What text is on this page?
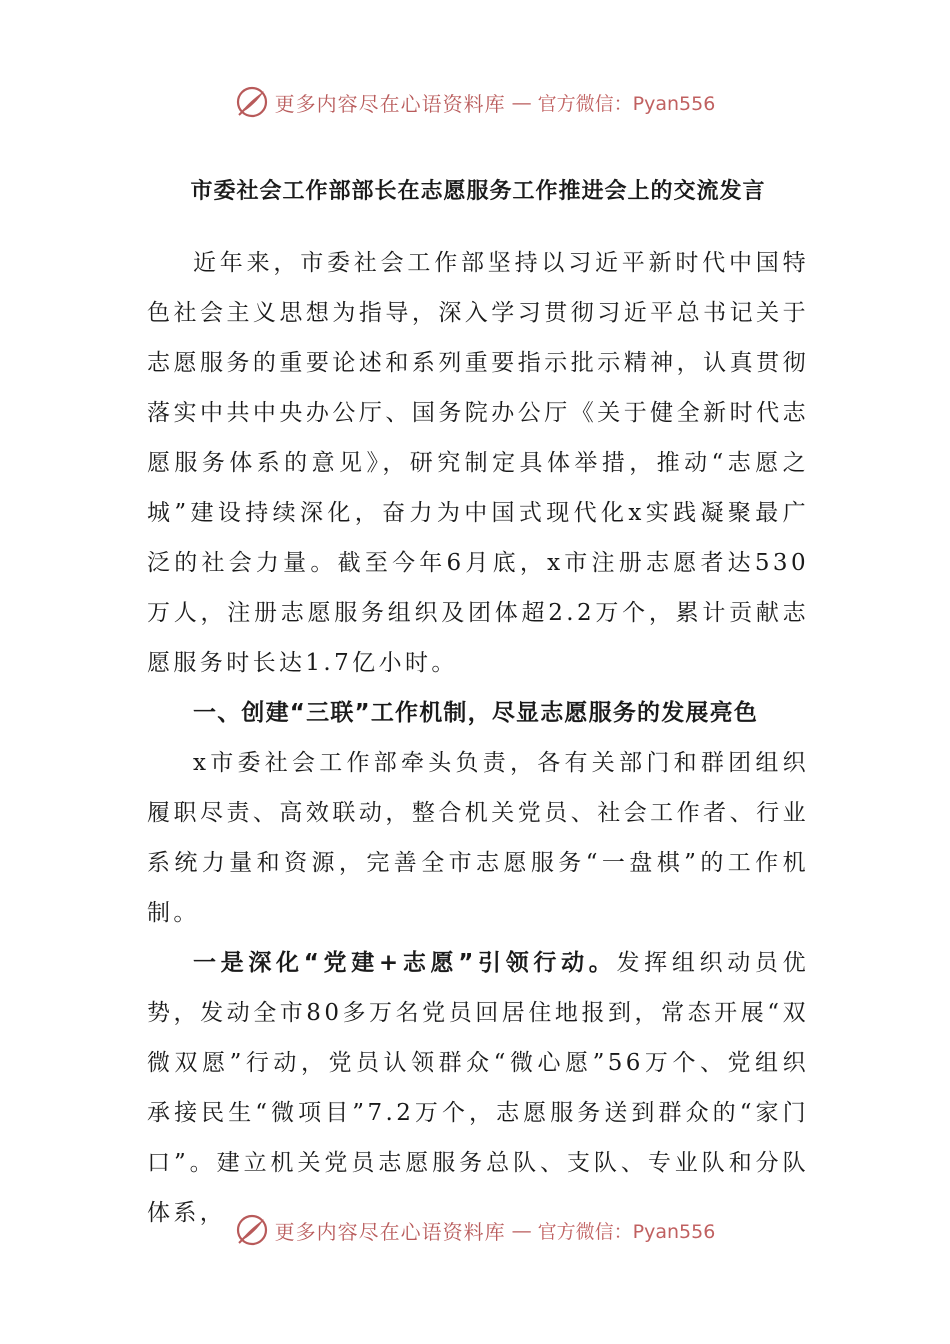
更多内容尽在心语资料库 — 官方微信：Pyan556
市委社会工作部部长在志愿服务工作推进会上的交流发言

近年来，市委社会工作部坚持以习近平新时代中国特色社会主义思想为指导，深入学习贯彻习近平总书记关于志愿服务的重要论述和系列重要指示批示精神，认真贯彻落实中共中央办公厅、国务院办公厅《关于健全新时代志愿服务体系的意见》，研究制定具体举措，推动“志愿之城”建设持续深化，奋力为中国式现代化x实践凝聚最广泛的社会力量。截至今年6月底，x市注册志愿者达530万人，注册志愿服务组织及团体超2.2万个，累计贡献志愿服务时长达1.7亿小时。

一、创建“三联”工作机制，尽显志愿服务的发展亮色

x市委社会工作部牵头负责，各有关部门和群团组织履职尽责、高效联动，整合机关党员、社会工作者、行业系统力量和资源，完善全市志愿服务“一盘棋”的工作机制。

一是深化“党建+志愿”引领行动。发挥组织动员优势，发动全市80多万名党员回居住地报到，常态开展“双微双愿”行动，党员认领群众“微心愿”56万个、党组织承接民生“微项目”7.2万个，志愿服务送到群众的“家门口”。建立机关党员志愿服务总队、支队、专业队和分队体系，

更多内容尽在心语资料库 — 官方微信：Pyan556
